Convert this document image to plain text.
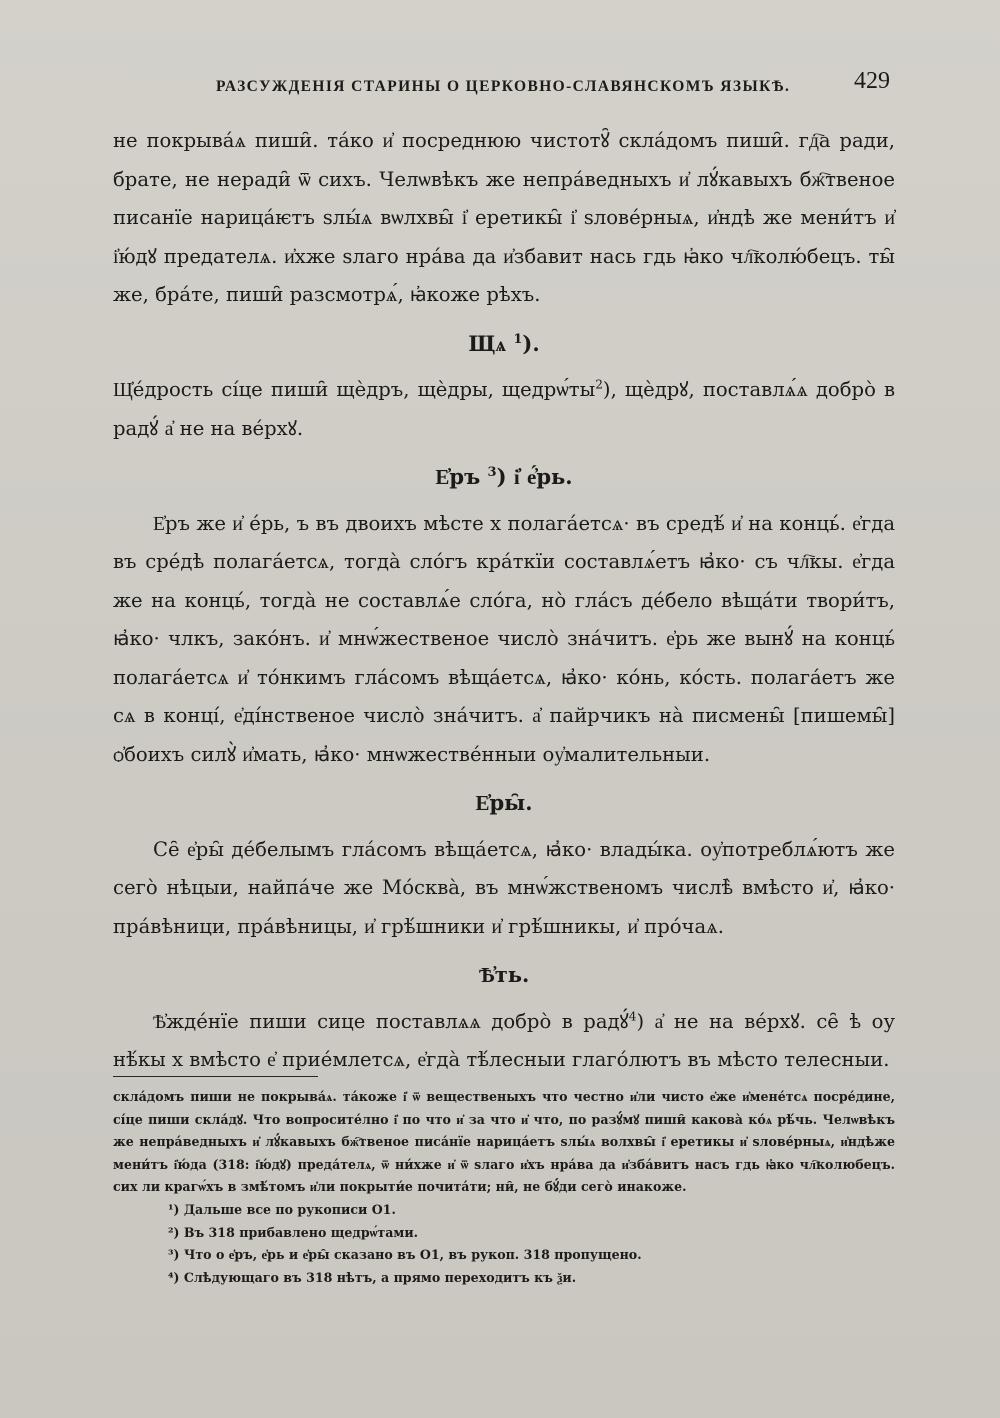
РАЗСУЖДЕНІЯ СТАРИНЫ О ЦЕРКОВНО-СЛАВЯНСКОМЪ ЯЗЫКѢ.	429

не покрыва́ѧ пиши̑. та́ко и҆ посреднюю чистотꙋ̑ скла́домъ пиши̑. гд҇а ради, брате, не неради̑ ѿ сихъ. Челѡвѣкъ же непра́ведныхъ и҆ лꙋ́кавыхъ бж҇твеное писанїе нарица́ѥтъ ѕлы́ѧ вѡлхвы̑ і҆ еретикы̑ і҆ ѕлове́рныѧ, и҆ндѣ же мени́тъ и҆ і҆ю́дꙋ предателѧ. и҆хже ѕлаго нра́ва да и҆збавит нась гдь ꙗ҆ко чл҇колю́бецъ. ты̑ же, бра́те, пиши̑ разсмотрѧ́, ꙗ҆коже рѣхъ.

Щѧ $^1$).

Щ҆е́дрость сі́це пиши̑ щѐдръ, щѐдры, $щедрѡ́ты^2$), щѐдрꙋ, поставлѧ́ѧ добро̀ в радꙋ́ а҆ не на ве́рхꙋ.

Е҆ръ $^3$) і҆ е҆́рь.

Е҆ръ же и҆ е́рь, ъ въ двоихъ мѣсте х полага́етсѧ· въ средѣ́ и҆ на конць́. е҆гда въ сре́дѣ полага́етсѧ, тогда̀ сло́гъ кра́ткїи составлѧ́етъ ꙗ҆ко· съ чл҇кы. е҆гда же на конць́, тогда̀ не составлѧ́е сло́га, но̀ гла́съ де́бело вѣща́ти твори́тъ, ꙗ҆ко· члкъ, зако́нъ. и҆ мнѡ́жественое число̀ зна́читъ. е҆рь же вынꙋ́ на конць́ полага́етсѧ и҆ то́нкимъ гла́сомъ вѣща́етсѧ, ꙗ҆ко· ко́нь, ко́сть. полага́етъ же сѧ в конці́, е҆ді́нственое число̀ зна́читъ. а҆ пайрчикъ на̀ писмены̑ [пишемы̑] ѻ҆боихъ силꙋ̀ и҆мать, ꙗ҆ко· мнѡжестве́нныи оу҆малительныи.

Е҆ры̑.

Се̑ е҆ры̑ де́белымъ гла́сомъ вѣща́етсѧ, ꙗ҆ко· влады́ка. оу҆потреблѧ́ютъ же сего̀ нѣцыи, найпа́че же Мо́сква̀, въ мнѡ́жственомъ числѣ̀ вмѣсто и҆, ꙗ҆ко· пра́вѣници, пра́вѣницы, и҆ грѣ́шники и҆ грѣ́шникы, и҆ про́чаѧ.

Ѣ҆ть.

Ѣ҆жде́нїе пиши сице поставлѧѧ добро̀ в радꙋ́$^4$) а҆ не на ве́рхꙋ. се̑ ѣ оу нѣ́кы х вмѣсто е҆ прие́млетсѧ, е҆гда̀ тѣ́лесныи глаго́лютъ въ мѣсто телесныи.

скла́домъ пиши не покрыва́ѧ. та́коже і҆ ѿ вещественыхъ что честно и҆ли чисто е҆же и҆мене́тсѧ посре́дине, сі́це пиши скла́дꙋ. Что вопросите́лно і҆ по что и҆ за что и҆ что, по разꙋ́мꙋ пиши̑ какова̀ ко́ѧ рѣ́чь. Челѡвѣкъ же непра́ведныхъ и҆ лꙋ́кавыхъ бж҇твеное писа́нїе нарица́етъ ѕлы́ѧ волхвы̑ і҆ еретикы и҆ ѕлове́рныѧ, и҆ндѣже мени́тъ і҆ю́да (318: і҆ю́дꙋ) преда́телѧ, ѿ ни́хже и҆ ѿ ѕлаго и҆хъ нра́ва да и҆зба́витъ насъ гдь ꙗ҆ко чл҇колюбецъ. сих ли крагѡ́хъ в змѣ́томъ и҆ли покрыти́е почита́ти; ни̑, не бꙋ́ди сего̀ инакоже.

¹) Дальше все по рукописи О1.

²) Въ 318 прибавлено щедрѡ́тами.

³) Что о е҆ръ, е҆рь и е҆ры̑ сказано въ О1, въ рукоп. 318 пропущено.

⁴) Слѣдующаго въ 318 нѣтъ, а прямо переходитъ къ ѯи.
